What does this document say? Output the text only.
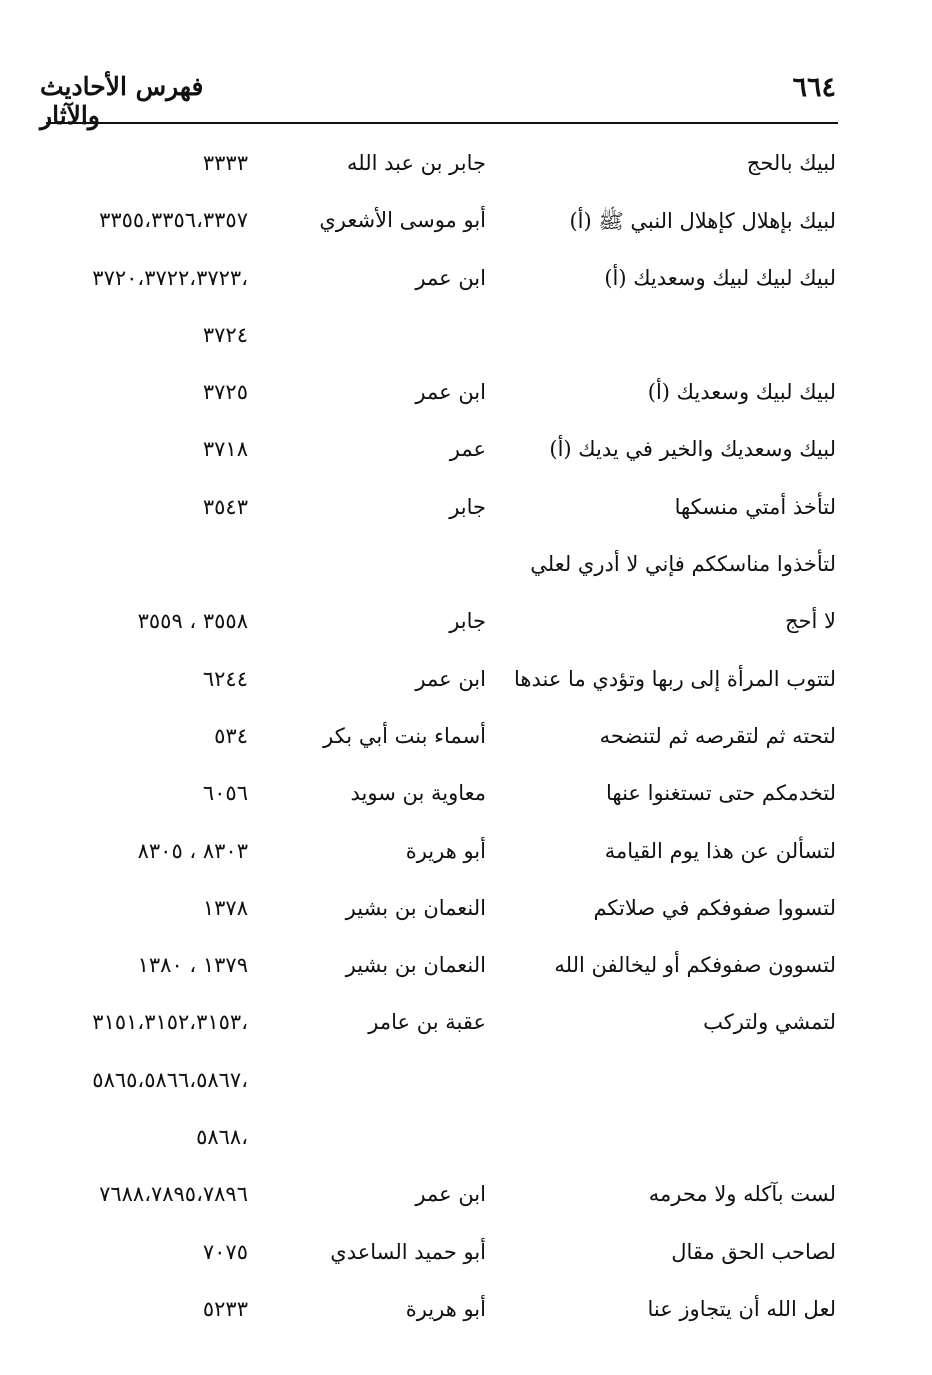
٦٦٤
فهرس الأحاديث والآثار
لبيك بالحج
جابر بن عبد الله
٣٣٣٣
لبيك بإهلال كإهلال النبي ﷺ (أ)
أبو موسى الأشعري
٣٣٥٥،٣٣٥٦،٣٣٥٧
لبيك لبيك لبيك وسعديك (أ)
ابن عمر
٣٧٢٠،٣٧٢٢،٣٧٢٣،
٣٧٢٤
لبيك لبيك وسعديك (أ)
ابن عمر
٣٧٢٥
لبيك وسعديك والخير في يديك (أ)
عمر
٣٧١٨
لتأخذ أمتي منسكها
جابر
٣٥٤٣
لتأخذوا مناسككم فإني لا أدري لعلي
لا أحج
جابر
٣٥٥٨ ، ٣٥٥٩
لتتوب المرأة إلى ربها وتؤدي ما عندها
ابن عمر
٦٢٤٤
لتحته ثم لتقرصه ثم لتنضحه
أسماء بنت أبي بكر
٥٣٤
لتخدمكم حتى تستغنوا عنها
معاوية بن سويد
٦٠٥٦
لتسألن عن هذا يوم القيامة
أبو هريرة
٨٣٠٣ ، ٨٣٠٥
لتسووا صفوفكم في صلاتكم
النعمان بن بشير
١٣٧٨
لتسوون صفوفكم أو ليخالفن الله
النعمان بن بشير
١٣٧٩ ، ١٣٨٠
لتمشي ولتركب
عقبة بن عامر
٣١٥١،٣١٥٢،٣١٥٣،
٥٨٦٥،٥٨٦٦،٥٨٦٧،
٥٨٦٨،
لست بآكله ولا محرمه
ابن عمر
٧٦٨٨،٧٨٩٥،٧٨٩٦
لصاحب الحق مقال
أبو حميد الساعدي
٧٠٧٥
لعل الله أن يتجاوز عنا
أبو هريرة
٥٢٣٣
